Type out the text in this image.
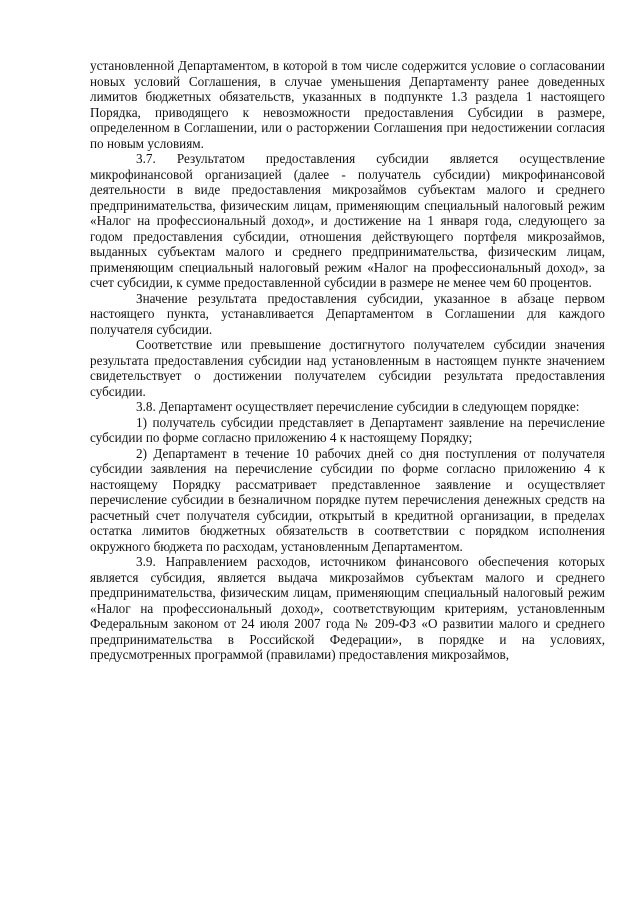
установленной Департаментом, в которой в том числе содержится условие о согласовании новых условий Соглашения, в случае уменьшения Департаменту ранее доведенных лимитов бюджетных обязательств, указанных в подпункте 1.3 раздела 1 настоящего Порядка, приводящего к невозможности предоставления Субсидии в размере, определенном в Соглашении, или о расторжении Соглашения при недостижении согласия по новым условиям.

3.7. Результатом предоставления субсидии является осуществление микрофинансовой организацией (далее - получатель субсидии) микрофинансовой деятельности в виде предоставления микрозаймов субъектам малого и среднего предпринимательства, физическим лицам, применяющим специальный налоговый режим «Налог на профессиональный доход», и достижение на 1 января года, следующего за годом предоставления субсидии, отношения действующего портфеля микрозаймов, выданных субъектам малого и среднего предпринимательства, физическим лицам, применяющим специальный налоговый режим «Налог на профессиональный доход», за счет субсидии, к сумме предоставленной субсидии в размере не менее чем 60 процентов.

Значение результата предоставления субсидии, указанное в абзаце первом настоящего пункта, устанавливается Департаментом в Соглашении для каждого получателя субсидии.

Соответствие или превышение достигнутого получателем субсидии значения результата предоставления субсидии над установленным в настоящем пункте значением свидетельствует о достижении получателем субсидии результата предоставления субсидии.

3.8. Департамент осуществляет перечисление субсидии в следующем порядке:

1) получатель субсидии представляет в Департамент заявление на перечисление субсидии по форме согласно приложению 4 к настоящему Порядку;

2) Департамент в течение 10 рабочих дней со дня поступления от получателя субсидии заявления на перечисление субсидии по форме согласно приложению 4 к настоящему Порядку рассматривает представленное заявление и осуществляет перечисление субсидии в безналичном порядке путем перечисления денежных средств на расчетный счет получателя субсидии, открытый в кредитной организации, в пределах остатка лимитов бюджетных обязательств в соответствии с порядком исполнения окружного бюджета по расходам, установленным Департаментом.

3.9. Направлением расходов, источником финансового обеспечения которых является субсидия, является выдача микрозаймов субъектам малого и среднего предпринимательства, физическим лицам, применяющим специальный налоговый режим «Налог на профессиональный доход», соответствующим критериям, установленным Федеральным законом от 24 июля 2007 года № 209-ФЗ «О развитии малого и среднего предпринимательства в Российской Федерации», в порядке и на условиях, предусмотренных программой (правилами) предоставления микрозаймов,
